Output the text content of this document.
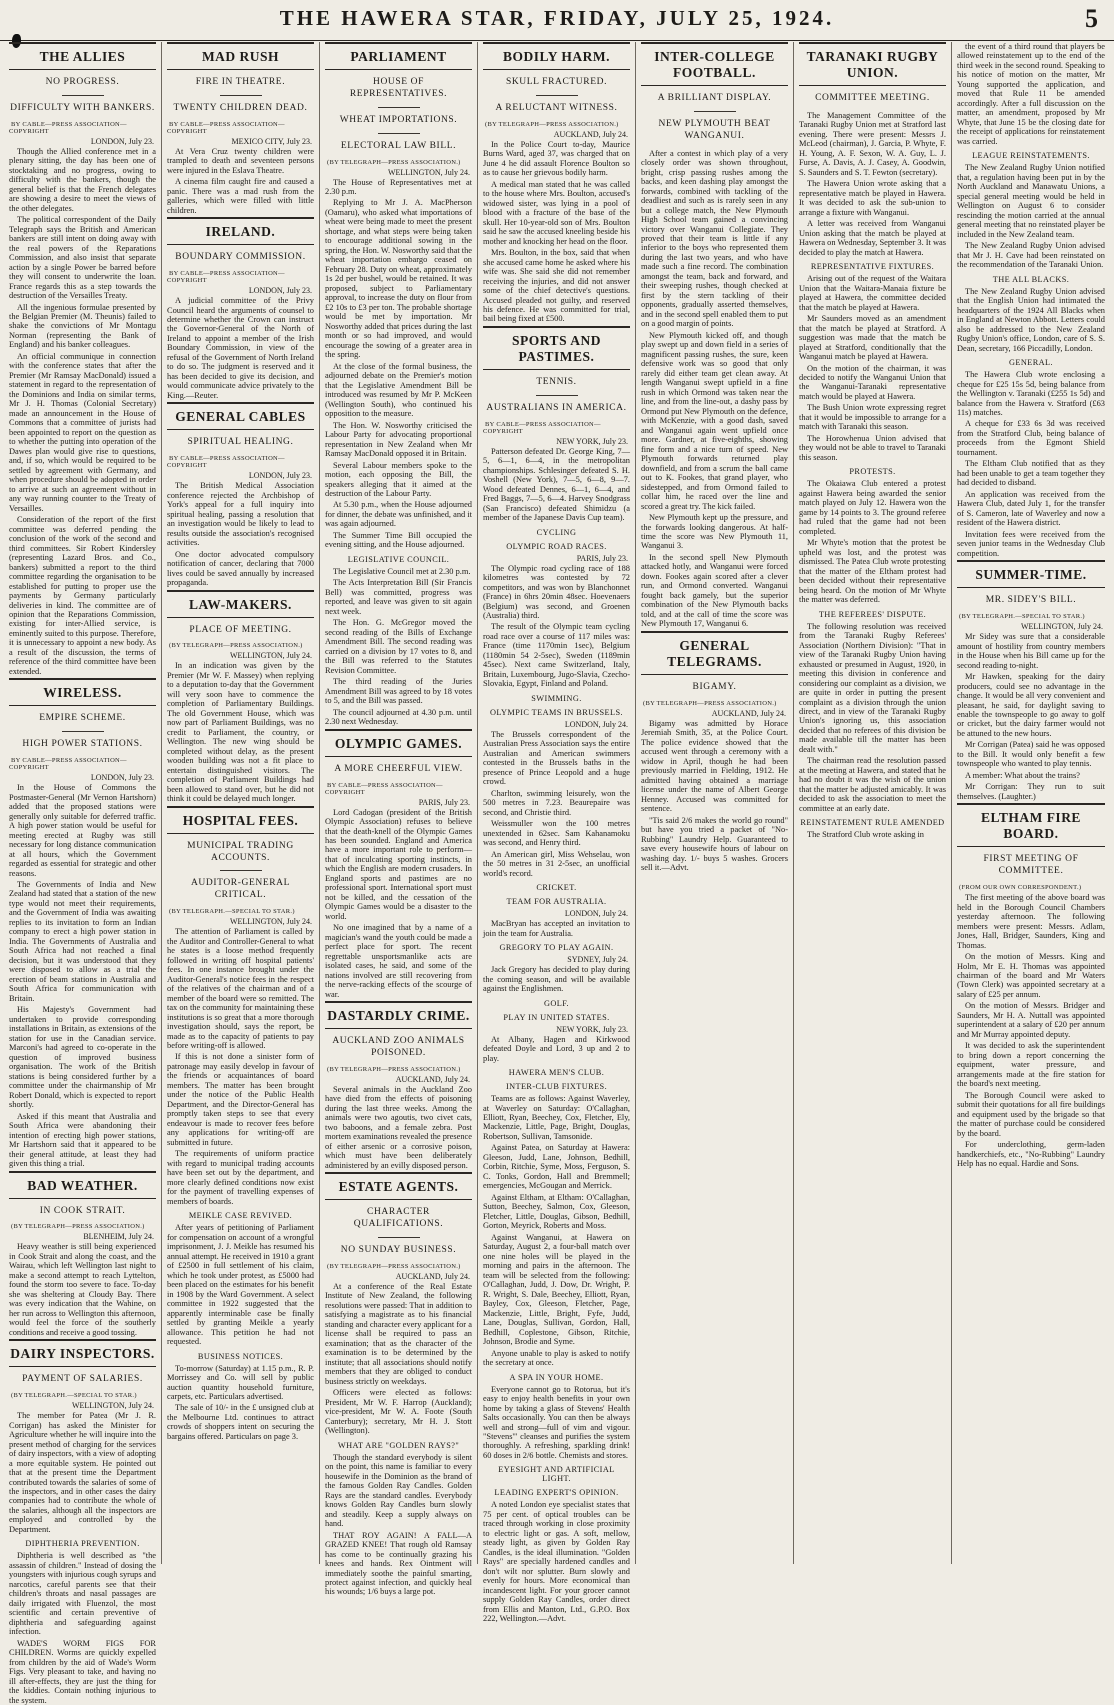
THE HAWERA STAR, FRIDAY, JULY 25, 1924.	5
THE ALLIES
NO PROGRESS.
DIFFICULTY WITH BANKERS.
BY CABLE—PRESS ASSOCIATION—COPYRIGHT
LONDON, July 23.
Though the Allied conference met in a plenary sitting, the day has been one of stocktaking and no progress, owing to difficulty with the bankers, though the general belief is that the French delegates are showing a desire to meet the views of the other delegates.
The political correspondent of the Daily Telegraph says the British and American bankers are still intent on doing away with the real powers of the Reparations Commission, and also insist that separate action by a single Power be barred before they will consent to underwrite the loan. France regards this as a step towards the destruction of the Versailles Treaty.
All the ingenious formulae presented by the Belgian Premier (M. Theunis) failed to shake the convictions of Mr Montagu Norman (representing the Bank of England) and his banker colleagues.
An official communique in connection with the conference states that after the Premier (Mr Ramsay MacDonald) issued a statement in regard to the representation of the Dominions and India on similar terms, Mr J. H. Thomas (Colonial Secretary) made an announcement in the House of Commons that a committee of jurists had been appointed to report on the question as to whether the putting into operation of the Dawes plan would give rise to questions, and, if so, which would be required to be settled by agreement with Germany, and when procedure should be adopted in order to arrive at such an agreement without in any way running counter to the Treaty of Versailles.
Consideration of the report of the first committee was deferred pending the conclusion of the work of the second and third committees. Sir Robert Kindersley (representing Lazard Bros. and Co., bankers) submitted a report to the third committee regarding the organisation to be established for putting to proper use the payments by Germany particularly deliveries in kind. The committee are of opinion that the Reparations Commission, existing for inter-Allied service, is eminently suited to this purpose. Therefore, it is unnecessary to appoint a new body. As a result of the discussion, the terms of reference of the third committee have been extended.
WIRELESS.
EMPIRE SCHEME.
HIGH POWER STATIONS.
BY CABLE—PRESS ASSOCIATION—COPYRIGHT
LONDON, July 23.
In the House of Commons the Postmaster-General (Mr Vernon Hartshorn) added that the proposed stations were generally only suitable for deferred traffic. A high power station would be useful for meeting erected at Rugby was still necessary for long distance communication at all hours, which the Government regarded as essential for strategic and other reasons.
The Governments of India and New Zealand had stated that a station of the new type would not meet their requirements, and the Government of India was awaiting replies to its invitation to form an Indian company to erect a high power station in India. The Governments of Australia and South Africa had not reached a final decision, but it was understood that they were disposed to allow as a trial the erection of beam stations in Australia and South Africa for communication with Britain.
His Majesty's Government had undertaken to provide corresponding installations in Britain, as extensions of the station for use in the Canadian service. Marconi's had agreed to co-operate in the question of improved business organisation. The work of the British stations is being considered further by a committee under the chairmanship of Mr Robert Donald, which is expected to report shortly.
Asked if this meant that Australia and South Africa were abandoning their intention of erecting high power stations, Mr Hartshorn said that it appeared to be their general attitude, at least they had given this thing a trial.
BAD WEATHER.
IN COOK STRAIT.
(BY TELEGRAPH—PRESS ASSOCIATION.)
BLENHEIM, July 24.
Heavy weather is still being experienced in Cook Strait and along the coast, and the Wairau, which left Wellington last night to make a second attempt to reach Lyttelton, found the storm too severe to face. To-day she was sheltering at Cloudy Bay. There was every indication that the Wahine, on her run across to Wellington this afternoon, would feel the force of the southerly conditions and receive a good tossing.
DAIRY INSPECTORS.
PAYMENT OF SALARIES.
(BY TELEGRAPH.—SPECIAL TO STAR.)
WELLINGTON, July 24.
The member for Patea (Mr J. R. Corrigan) has asked the Minister for Agriculture whether he will inquire into the present method of charging for the services of dairy inspectors, with a view of adopting a more equitable system. He pointed out that at the present time the Department contributed towards the salaries of some of the inspectors, and in other cases the dairy companies had to contribute the whole of the salaries, although all the inspectors are employed and controlled by the Department.
DIPHTHERIA PREVENTION.
Diphtheria is well described as "the assassin of children." Instead of dosing the youngsters with injurious cough syrups and narcotics, careful parents see that their children's throats and nasal passages are daily irrigated with Fluenzol, the most scientific and certain preventive of diphtheria and safeguarding against infection.
WADE'S WORM FIGS FOR CHILDREN. Worms are quickly expelled from children by the aid of Wade's Worm Figs. Very pleasant to take, and having no ill after-effects, they are just the thing for the kiddies. Contain nothing injurious to the system.
MAD RUSH
FIRE IN THEATRE.
TWENTY CHILDREN DEAD.
BY CABLE—PRESS ASSOCIATION—COPYRIGHT
MEXICO CITY, July 23.
At Vera Cruz twenty children were trampled to death and seventeen persons were injured in the Eslava Theatre.
A cinema film caught fire and caused a panic. There was a mad rush from the galleries, which were filled with little children.
IRELAND.
BOUNDARY COMMISSION.
BY CABLE—PRESS ASSOCIATION—COPYRIGHT
LONDON, July 23.
A judicial committee of the Privy Council heard the arguments of counsel to determine whether the Crown can instruct the Governor-General of the North of Ireland to appoint a member of the Irish Boundary Commission, in view of the refusal of the Government of North Ireland to do so. The judgment is reserved and it has been decided to give its decision, and would communicate advice privately to the King.—Reuter.
GENERAL CABLES
SPIRITUAL HEALING.
BY CABLE—PRESS ASSOCIATION—COPYRIGHT
LONDON, July 23.
The British Medical Association conference rejected the Archbishop of York's appeal for a full inquiry into spiritual healing, passing a resolution that an investigation would be likely to lead to results outside the association's recognised activities.
One doctor advocated compulsory notification of cancer, declaring that 7000 lives could be saved annually by increased propaganda.
LAW-MAKERS.
PLACE OF MEETING.
(BY TELEGRAPH—PRESS ASSOCIATION.)
WELLINGTON, July 24.
In an indication was given by the Premier (Mr W. F. Massey) when replying to a deputation to-day that the Government will very soon have to commence the completion of Parliamentary Buildings. The old Government House, which was now part of Parliament Buildings, was no credit to Parliament, the country, or Wellington. The new wing should be completed without delay, as the present wooden building was not a fit place to entertain distinguished visitors. The completion of Parliament Buildings had been allowed to stand over, but he did not think it could be delayed much longer.
HOSPITAL FEES.
MUNICIPAL TRADING ACCOUNTS.
AUDITOR-GENERAL CRITICAL.
(BY TELEGRAPH.—SPECIAL TO STAR.)
WELLINGTON, July 24.
The attention of Parliament is called by the Auditor and Controller-General to what he states is a loose method frequently followed in writing off hospital patients' fees. In one instance brought under the Auditor-General's notice fees in the respect of the relatives of the chairman and of a member of the board were so remitted. The tax on the community for maintaining these institutions is so great that a more thorough investigation should, says the report, be made as to the capacity of patients to pay before writing-off is allowed.
If this is not done a sinister form of patronage may easily develop in favour of the friends or acquaintances of board members. The matter has been brought under the notice of the Public Health Department, and the Director-General has promptly taken steps to see that every endeavour is made to recover fees before any applications for writing-off are submitted in future.
The requirements of uniform practice with regard to municipal trading accounts have been set out by the department, and more clearly defined conditions now exist for the payment of travelling expenses of members of boards.
MEIKLE CASE REVIVED.
After years of petitioning of Parliament for compensation on account of a wrongful imprisonment, J. J. Meikle has resumed his annual attempt. He received in 1910 a grant of £2500 in full settlement of his claim, which he took under protest, as £5000 had been placed on the estimates for his benefit in 1908 by the Ward Government. A select committee in 1922 suggested that the apparently interminable case be finally settled by granting Meikle a yearly allowance. This petition he had not requested.
BUSINESS NOTICES.
To-morrow (Saturday) at 1.15 p.m., R. P. Morrissey and Co. will sell by public auction quantity household furniture, carpets, etc. Particulars advertised.
The sale of 10/- in the £ unsigned club at the Melbourne Ltd. continues to attract crowds of shoppers intent on securing the bargains offered. Particulars on page 3.
PARLIAMENT
HOUSE OF REPRESENTATIVES.
WHEAT IMPORTATIONS.
ELECTORAL LAW BILL.
(BY TELEGRAPH—PRESS ASSOCIATION.)
WELLINGTON, July 24.
The House of Representatives met at 2.30 p.m.
Replying to Mr J. A. MacPherson (Oamaru), who asked what importations of wheat were being made to meet the present shortage, and what steps were being taken to encourage additional sowing in the spring, the Hon. W. Nosworthy said that the wheat importation embargo ceased on February 28. Duty on wheat, approximately 1s 2d per bushel, would be retained. It was proposed, subject to Parliamentary approval, to increase the duty on flour from £2 10s to £3 per ton. The probable shortage would be met by importation. Mr Nosworthy added that prices during the last month or so had improved, and would encourage the sowing of a greater area in the spring.
At the close of the formal business, the adjourned debate on the Premier's motion that the Legislative Amendment Bill be introduced was resumed by Mr P. McKeen (Wellington South), who continued his opposition to the measure.
The Hon. W. Nosworthy criticised the Labour Party for advocating proportional representation in New Zealand when Mr Ramsay MacDonald opposed it in Britain.
Several Labour members spoke to the motion, each opposing the Bill, the speakers alleging that it aimed at the destruction of the Labour Party.
At 5.30 p.m., when the House adjourned for dinner, the debate was unfinished, and it was again adjourned.
The Summer Time Bill occupied the evening sitting, and the House adjourned.
LEGISLATIVE COUNCIL.
The Legislative Council met at 2.30 p.m.
The Acts Interpretation Bill (Sir Francis Bell) was committed, progress was reported, and leave was given to sit again next week.
The Hon. G. McGregor moved the second reading of the Bills of Exchange Amendment Bill. The second reading was carried on a division by 17 votes to 8, and the Bill was referred to the Statutes Revision Committee.
The third reading of the Juries Amendment Bill was agreed to by 18 votes to 5, and the Bill was passed.
The council adjourned at 4.30 p.m. until 2.30 next Wednesday.
OLYMPIC GAMES.
A MORE CHEERFUL VIEW.
BY CABLE—PRESS ASSOCIATION—COPYRIGHT
PARIS, July 23.
Lord Cadogan (president of the British Olympic Association) refuses to believe that the death-knell of the Olympic Games has been sounded. England and America have a more important role to perform—that of inculcating sporting instincts, in which the English are modern crusaders. In England sports and pastimes are no professional sport. International sport must not be killed, and the cessation of the Olympic Games would be a disaster to the world.
No one imagined that by a name of a magician's wand the youth could be made a perfect place for sport. The recent regrettable unsportsmanlike acts are isolated cases, he said, and some of the nations involved are still recovering from the nerve-racking effects of the scourge of war.
DASTARDLY CRIME.
AUCKLAND ZOO ANIMALS POISONED.
(BY TELEGRAPH—PRESS ASSOCIATION.)
AUCKLAND, July 24.
Several animals in the Auckland Zoo have died from the effects of poisoning during the last three weeks. Among the animals were two agoutis, two civet cats, two baboons, and a female zebra. Post mortem examinations revealed the presence of either arsenic or a corrosive poison, which must have been deliberately administered by an evilly disposed person.
ESTATE AGENTS.
CHARACTER QUALIFICATIONS.
NO SUNDAY BUSINESS.
(BY TELEGRAPH—PRESS ASSOCIATION.)
AUCKLAND, July 24.
At a conference of the Real Estate Institute of New Zealand, the following resolutions were passed: That in addition to satisfying a magistrate as to his financial standing and character every applicant for a license shall be required to pass an examination; that as the character of the examination is to be determined by the institute; that all associations should notify members that they are obliged to conduct business strictly on weekdays.
Officers were elected as follows: President, Mr W. F. Harrop (Auckland); vice-president, Mr W. A. Foote (South Canterbury); secretary, Mr H. J. Stott (Wellington).
WHAT ARE "GOLDEN RAYS?"
Though the standard everybody is silent on the point, this name is familiar to every housewife in the Dominion as the brand of the famous Golden Ray Candles. Golden Rays are the standard candles. Everybody knows Golden Ray Candles burn slowly and steadily. Keep a supply always on hand.
THAT ROY AGAIN! A FALL—A GRAZED KNEE! That rough old Ramsay has come to be continually grazing his knees and hands. Rex Ointment will immediately soothe the painful smarting, protect against infection, and quickly heal his wounds; 1/6 buys a large pot.
BODILY HARM.
SKULL FRACTURED.
A RELUCTANT WITNESS.
(BY TELEGRAPH—PRESS ASSOCIATION.)
AUCKLAND, July 24.
In the Police Court to-day, Maurice Burns Ward, aged 37, was charged that on June 4 he did assault Florence Boulton so as to cause her grievous bodily harm.
A medical man stated that he was called to the house where Mrs. Boulton, accused's widowed sister, was lying in a pool of blood with a fracture of the base of the skull. Her 10-year-old son of Mrs. Boulton said he saw the accused kneeling beside his mother and knocking her head on the floor.
Mrs. Boulton, in the box, said that when she accused came home he asked where his wife was. She said she did not remember receiving the injuries, and did not answer some of the chief detective's questions. Accused pleaded not guilty, and reserved his defence. He was committed for trial, bail being fixed at £500.
SPORTS AND PASTIMES.
TENNIS.
AUSTRALIANS IN AMERICA.
BY CABLE—PRESS ASSOCIATION—COPYRIGHT
NEW YORK, July 23.
Patterson defeated Dr. George King, 7—5, 6—1, 6—4, in the metropolitan championships. Schlesinger defeated S. H. Voshell (New York), 7—5, 6—8, 9—7. Wood defeated Dennes, 6—1, 6—4, and Fred Baggs, 7—5, 6—4. Harvey Snodgrass (San Francisco) defeated Shimidzu (a member of the Japanese Davis Cup team).
CYCLING
OLYMPIC ROAD RACES.
PARIS, July 23.
The Olympic road cycling race of 188 kilometres was contested by 72 competitors, and was won by Blanchonnet (France) in 6hrs 20min 48sec. Hoevenaers (Belgium) was second, and Groenen (Australia) third.
The result of the Olympic team cycling road race over a course of 117 miles was: France (time 1170min 1sec), Belgium (1180min 54 2-5sec), Sweden (1189min 45sec). Next came Switzerland, Italy, Britain, Luxembourg, Jugo-Slavia, Czecho-Slovakia, Egypt, Finland and Poland.
SWIMMING.
OLYMPIC TEAMS IN BRUSSELS.
LONDON, July 24.
The Brussels correspondent of the Australian Press Association says the entire Australian and American swimmers contested in the Brussels baths in the presence of Prince Leopold and a huge crowd.
Charlton, swimming leisurely, won the 500 metres in 7.23. Beaurepaire was second, and Christie third.
Weissmuller won the 100 metres unextended in 62sec. Sam Kahanamoku was second, and Henry third.
An American girl, Miss Wehselau, won the 50 metres in 31 2-5sec, an unofficial world's record.
CRICKET.
TEAM FOR AUSTRALIA.
LONDON, July 24.
MacBryan has accepted an invitation to join the team for Australia.
GREGORY TO PLAY AGAIN.
SYDNEY, July 24.
Jack Gregory has decided to play during the coming season, and will be available against the Englishmen.
GOLF.
PLAY IN UNITED STATES.
NEW YORK, July 23.
At Albany, Hagen and Kirkwood defeated Doyle and Lord, 3 up and 2 to play.
HAWERA MEN'S CLUB.
INTER-CLUB FIXTURES.
Teams are as follows: Against Waverley, at Waverley on Saturday: O'Callaghan, Elliott, Ryan, Beechey, Cox, Fletcher, Ely, Mackenzie, Little, Page, Bright, Douglas, Robertson, Sullivan, Tamsonide.
Against Patea, on Saturday at Hawera: Gleeson, Judd, Lane, Johnson, Bedhill, Corbin, Ritchie, Syme, Moss, Ferguson, S. C. Tonks, Gordon, Hall and Bremmell; emergencies, McGougan and Merrick.
Against Eltham, at Eltham: O'Callaghan, Sutton, Beechey, Salmon, Cox, Gleeson, Fletcher, Little, Douglas, Gibson, Bedhill, Gorton, Meyrick, Roberts and Moss.
Against Wanganui, at Hawera on Saturday, August 2, a four-ball match over one nine holes will be played in the morning and pairs in the afternoon. The team will be selected from the following: O'Callaghan, Judd, J. Dow, Dr. Wright, P. R. Wright, S. Dale, Beechey, Elliott, Ryan, Bayley, Cox, Gleeson, Fletcher, Page, Mackenzie, Little, Bright, Fyfe, Judd, Lane, Douglas, Sullivan, Gordon, Hall, Bedhill, Coplestone, Gibson, Ritchie, Johnson, Brodie and Syme.
Anyone unable to play is asked to notify the secretary at once.
A SPA IN YOUR HOME.
Everyone cannot go to Rotorua, but it's easy to enjoy health benefits in your own home by taking a glass of Stevens' Health Salts occasionally. You can then be always well and strong—full of vim and vigour. "Stevens'" cleanses and purifies the system thoroughly. A refreshing, sparkling drink! 60 doses in 2/6 bottle. Chemists and stores.
EYESIGHT AND ARTIFICIAL LIGHT.
LEADING EXPERT'S OPINION.
A noted London eye specialist states that 75 per cent. of optical troubles can be traced through working in close proximity to electric light or gas. A soft, mellow, steady light, as given by Golden Ray Candles, is the ideal illumination. "Golden Rays" are specially hardened candles and don't wilt nor splutter. Burn slowly and evenly for hours. More economical than incandescent light. For your grocer cannot supply Golden Ray Candles, order direct from Ellis and Manton, Ltd., G.P.O. Box 222, Wellington.—Advt.
INTER-COLLEGE FOOTBALL.
A BRILLIANT DISPLAY.
NEW PLYMOUTH BEAT WANGANUI.
After a contest in which play of a very closely order was shown throughout, bright, crisp passing rushes among the backs, and keen dashing play amongst the forwards, combined with tackling of the deadliest and such as is rarely seen in any but a college match, the New Plymouth High School team gained a convincing victory over Wanganui Collegiate. They proved that their team is little if any inferior to the boys who represented them during the last two years, and who have made such a fine record. The combination amongst the team, back and forward, and their sweeping rushes, though checked at first by the stern tackling of their opponents, gradually asserted themselves, and in the second spell enabled them to put on a good margin of points.
New Plymouth kicked off, and though play swept up and down field in a series of magnificent passing rushes, the sure, keen defensive work was so good that only rarely did either team get clean away. At length Wanganui swept upfield in a fine rush in which Ormond was taken near the line, and from the line-out, a dashy pass by Ormond put New Plymouth on the defence, with McKenzie, with a good dash, saved and Wanganui again went upfield once more. Gardner, at five-eighths, showing fine form and a nice turn of speed. New Plymouth forwards returned play downfield, and from a scrum the ball came out to K. Fookes, that grand player, who sidestepped, and from Ormond failed to collar him, he raced over the line and scored a great try. The kick failed.
New Plymouth kept up the pressure, and the forwards looking dangerous. At half-time the score was New Plymouth 11, Wanganui 3.
In the second spell New Plymouth attacked hotly, and Wanganui were forced down. Fookes again scored after a clever run, and Ormond converted. Wanganui fought back gamely, but the superior combination of the New Plymouth backs told, and at the call of time the score was New Plymouth 17, Wanganui 6.
GENERAL TELEGRAMS.
BIGAMY.
(BY TELEGRAPH—PRESS ASSOCIATION.)
AUCKLAND, July 24.
Bigamy was admitted by Horace Jeremiah Smith, 35, at the Police Court. The police evidence showed that the accused went through a ceremony with a widow in April, though he had been previously married in Fielding, 1912. He admitted having obtained a marriage license under the name of Albert George Henney. Accused was committed for sentence.
"Tis said 2/6 makes the world go round" but have you tried a packet of "No-Rubbing" Laundry Help. Guaranteed to save every housewife hours of labour on washing day. 1/- buys 5 washes. Grocers sell it.—Advt.
TARANAKI RUGBY UNION.
COMMITTEE MEETING.
The Management Committee of the Taranaki Rugby Union met at Stratford last evening. There were present: Messrs J. McLeod (chairman), J. Garcia, P. Whyte, F. H. Young, A. F. Sexon, W. A. Guy, L. J. Furse, A. Davis, A. J. Casey, A. Goodwin, S. Saunders and S. T. Fewton (secretary).
The Hawera Union wrote asking that a representative match be played in Hawera. It was decided to ask the sub-union to arrange a fixture with Wanganui.
A letter was received from Wanganui Union asking that the match be played at Hawera on Wednesday, September 3. It was decided to play the match at Hawera.
REPRESENTATIVE FIXTURES.
Arising out of the request of the Waitara Union that the Waitara-Manaia fixture be played at Hawera, the committee decided that the match be played at Hawera.
Mr Saunders moved as an amendment that the match be played at Stratford. A suggestion was made that the match be played at Stratford, conditionally that the Wanganui match be played at Hawera.
On the motion of the chairman, it was decided to notify the Wanganui Union that the Wanganui-Taranaki representative match would be played at Hawera.
The Bush Union wrote expressing regret that it would be impossible to arrange for a match with Taranaki this season.
The Horowhenua Union advised that they would not be able to travel to Taranaki this season.
PROTESTS.
The Okaiawa Club entered a protest against Hawera being awarded the senior match played on July 12. Hawera won the game by 14 points to 3. The ground referee had ruled that the game had not been completed.
Mr Whyte's motion that the protest be upheld was lost, and the protest was dismissed. The Patea Club wrote protesting that the matter of the Eltham protest had been decided without their representative being heard. On the motion of Mr Whyte the matter was deferred.
THE REFEREES' DISPUTE.
The following resolution was received from the Taranaki Rugby Referees' Association (Northern Division): "That in view of the Taranaki Rugby Union having exhausted or presumed in August, 1920, in meeting this division in conference and considering our complaint as a division, we are quite in order in putting the present complaint as a division through the union direct, and in view of the Taranaki Rugby Union's ignoring us, this association decided that no referees of this division be made available till the matter has been dealt with."
The chairman read the resolution passed at the meeting at Hawera, and stated that he had no doubt it was the wish of the union that the matter be adjusted amicably. It was decided to ask the association to meet the committee at an early date.
REINSTATEMENT RULE AMENDED
The Stratford Club wrote asking in
the event of a third round that players be allowed reinstatement up to the end of the third week in the second round. Speaking to his notice of motion on the matter, Mr Young supported the application, and moved that Rule 11 be amended accordingly. After a full discussion on the matter, an amendment, proposed by Mr Whyte, that June 15 be the closing date for the receipt of applications for reinstatement was carried.
LEAGUE REINSTATEMENTS.
The New Zealand Rugby Union notified that, a regulation having been put in by the North Auckland and Manawatu Unions, a special general meeting would be held in Wellington on August 6 to consider rescinding the motion carried at the annual general meeting that no reinstated player be included in the New Zealand team.
The New Zealand Rugby Union advised that Mr J. H. Cave had been reinstated on the recommendation of the Taranaki Union.
THE ALL BLACKS.
The New Zealand Rugby Union advised that the English Union had intimated the headquarters of the 1924 All Blacks when in England at Newton Abbott. Letters could also be addressed to the New Zealand Rugby Union's office, London, care of S. S. Dean, secretary, 166 Piccadilly, London.
GENERAL.
The Hawera Club wrote enclosing a cheque for £25 15s 5d, being balance from the Wellington v. Taranaki (£255 1s 5d) and balance from the Hawera v. Stratford (£63 11s) matches.
A cheque for £33 6s 3d was received from the Stratford Club, being balance of proceeds from the Egmont Shield tournament.
The Eltham Club notified that as they had been unable to get a team together they had decided to disband.
An application was received from the Hawera Club, dated July 1, for the transfer of S. Cameron, late of Waverley and now a resident of the Hawera district.
Invitation fees were received from the seven junior teams in the Wednesday Club competition.
SUMMER-TIME.
MR. SIDEY'S BILL.
(BY TELEGRAPH.—SPECIAL TO STAR.)
WELLINGTON, July 24.
Mr Sidey was sure that a considerable amount of hostility from country members in the House when his Bill came up for the second reading to-night.
Mr Hawken, speaking for the dairy producers, could see no advantage in the change. It would be all very convenient and pleasant, he said, for daylight saving to enable the townspeople to go away to golf or cricket, but the dairy farmer would not be attuned to the new hours.
Mr Corrigan (Patea) said he was opposed to the Bill. It would only benefit a few townspeople who wanted to play tennis.
A member: What about the trains?
Mr Corrigan: They run to suit themselves. (Laughter.)
ELTHAM FIRE BOARD.
FIRST MEETING OF COMMITTEE.
(FROM OUR OWN CORRESPONDENT.)
The first meeting of the above board was held in the Borough Council Chambers yesterday afternoon. The following members were present: Messrs. Adlam, Jones, Hall, Bridger, Saunders, King and Thomas.
On the motion of Messrs. King and Holm, Mr E. H. Thomas was appointed chairman of the board and Mr Waters (Town Clerk) was appointed secretary at a salary of £25 per annum.
On the motion of Messrs. Bridger and Saunders, Mr H. A. Nuttall was appointed superintendent at a salary of £20 per annum and Mr Murray appointed deputy.
It was decided to ask the superintendent to bring down a report concerning the equipment, water pressure, and arrangements made at the fire station for the board's next meeting.
The Borough Council were asked to submit their quotations for all fire buildings and equipment used by the brigade so that the matter of purchase could be considered by the board.
For underclothing, germ-laden handkerchiefs, etc., "No-Rubbing" Laundry Help has no equal. Hardie and Sons.
